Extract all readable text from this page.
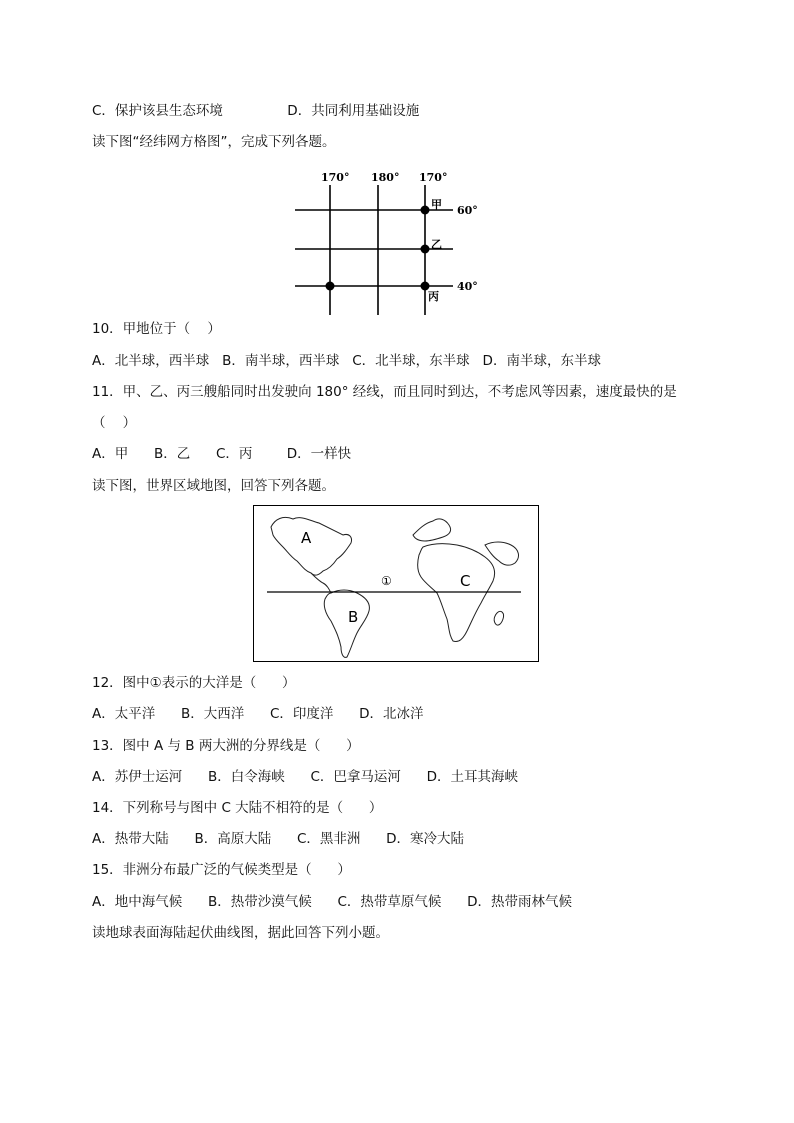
C．保护该县生态环境               D．共同利用基础设施
读下图“经纬网方格图”，完成下列各题。
170° 180° 170°
60°
40°
甲
乙
丙
10．甲地位于（    ）
A．北半球，西半球   B．南半球，西半球   C．北半球，东半球   D．南半球，东半球
11．甲、乙、丙三艘船同时出发驶向 180° 经线，而且同时到达，不考虑风等因素，速度最快的是
（    ）
A．甲      B．乙      C．丙        D．一样快
读下图，世界区域地图，回答下列各题。
A
B
C
①
12．图中①表示的大洋是（      ）
A．太平洋      B．大西洋      C．印度洋      D．北冰洋
13．图中 A 与 B 两大洲的分界线是（      ）
A．苏伊士运河      B．白令海峡      C．巴拿马运河      D．土耳其海峡
14．下列称号与图中 C 大陆不相符的是（      ）
A．热带大陆      B．高原大陆      C．黑非洲      D．寒冷大陆
15．非洲分布最广泛的气候类型是（      ）
A．地中海气候      B．热带沙漠气候      C．热带草原气候      D．热带雨林气候
读地球表面海陆起伏曲线图，据此回答下列小题。
